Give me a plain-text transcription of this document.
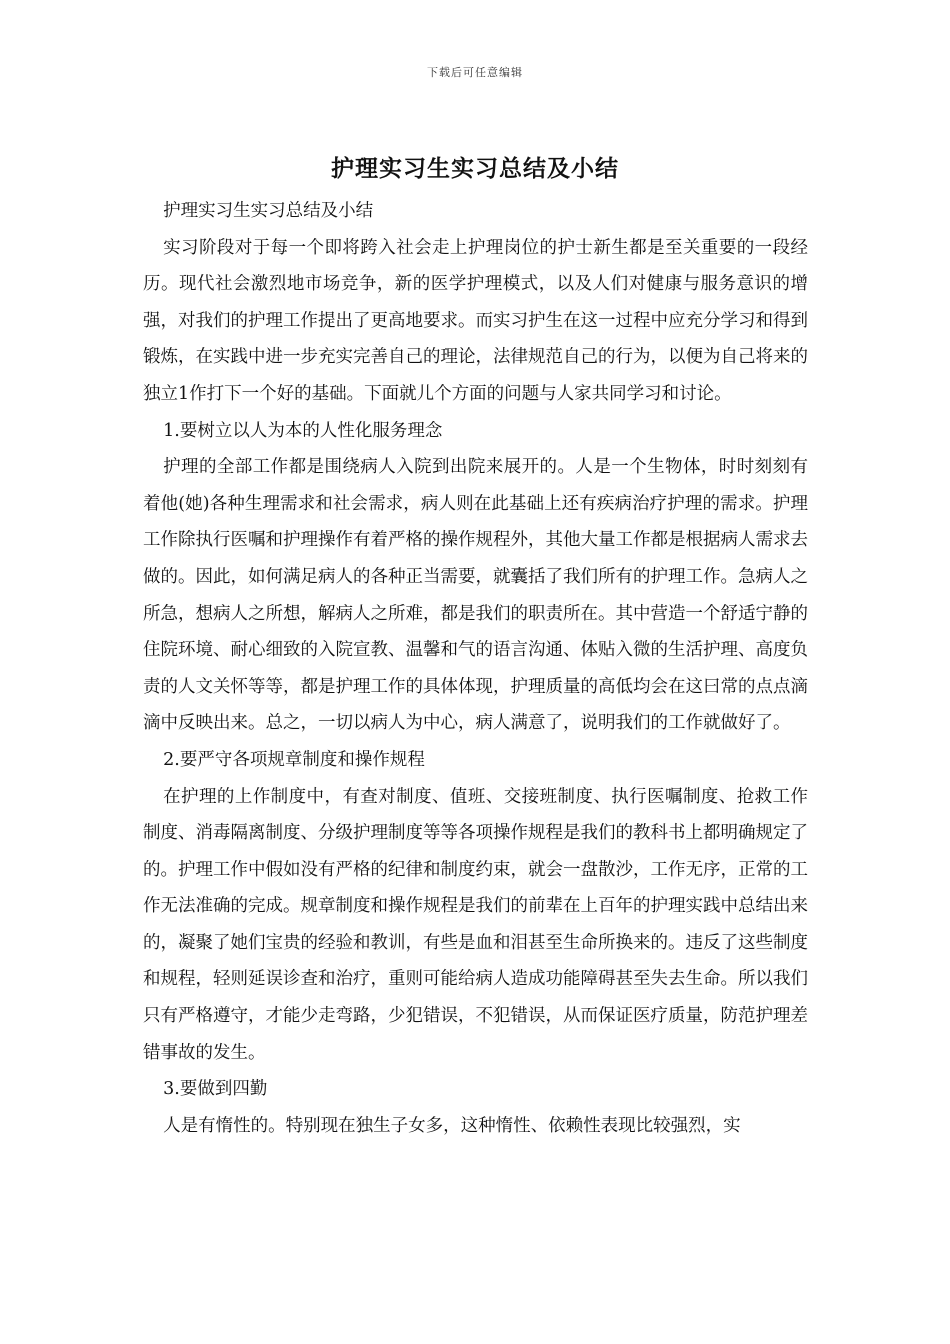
下载后可任意编辑
护理实习生实习总结及小结

护理实习生实习总结及小结

实习阶段对于每一个即将跨入社会走上护理岗位的护士新生都是至关重要的一段经历。现代社会激烈地市场竞争，新的医学护理模式，以及人们对健康与服务意识的增强，对我们的护理工作提出了更高地要求。而实习护生在这一过程中应充分学习和得到锻炼，在实践中进一步充实完善自己的理论，法律规范自己的行为，以便为自己将来的独立1作打下一个好的基础。下面就儿个方面的问题与人家共同学习和讨论。

1.要树立以人为本的人性化服务理念

护理的全部工作都是围绕病人入院到出院来展开的。人是一个生物体，时时刻刻有着他(她)各种生理需求和社会需求，病人则在此基础上还有疾病治疗护理的需求。护理工作除执行医嘱和护理操作有着严格的操作规程外，其他大量工作都是根据病人需求去做的。因此，如何满足病人的各种正当需要，就囊括了我们所有的护理工作。急病人之所急，想病人之所想，解病人之所难，都是我们的职责所在。其中营造一个舒适宁静的住院环境、耐心细致的入院宣教、温馨和气的语言沟通、体贴入微的生活护理、高度负责的人文关怀等等，都是护理工作的具体体现，护理质量的高低均会在这曰常的点点滴滴中反映出来。总之，一切以病人为中心，病人满意了，说明我们的工作就做好了。

2.要严守各项规章制度和操作规程

在护理的上作制度中，有查对制度、值班、交接班制度、执行医嘱制度、抢救工作制度、消毒隔离制度、分级护理制度等等各项操作规程是我们的教科书上都明确规定了的。护理工作中假如没有严格的纪律和制度约束，就会一盘散沙，工作无序，正常的工作无法准确的完成。规章制度和操作规程是我们的前辈在上百年的护理实践中总结出来的，凝聚了她们宝贵的经验和教训，有些是血和泪甚至生命所换来的。违反了这些制度和规程，轻则延误诊查和治疗，重则可能给病人造成功能障碍甚至失去生命。所以我们只有严格遵守，才能少走弯路，少犯错误，不犯错误，从而保证医疗质量，防范护理差错事故的发生。

3.要做到四勤

人是有惰性的。特别现在独生子女多，这种惰性、依赖性表现比较强烈，实
